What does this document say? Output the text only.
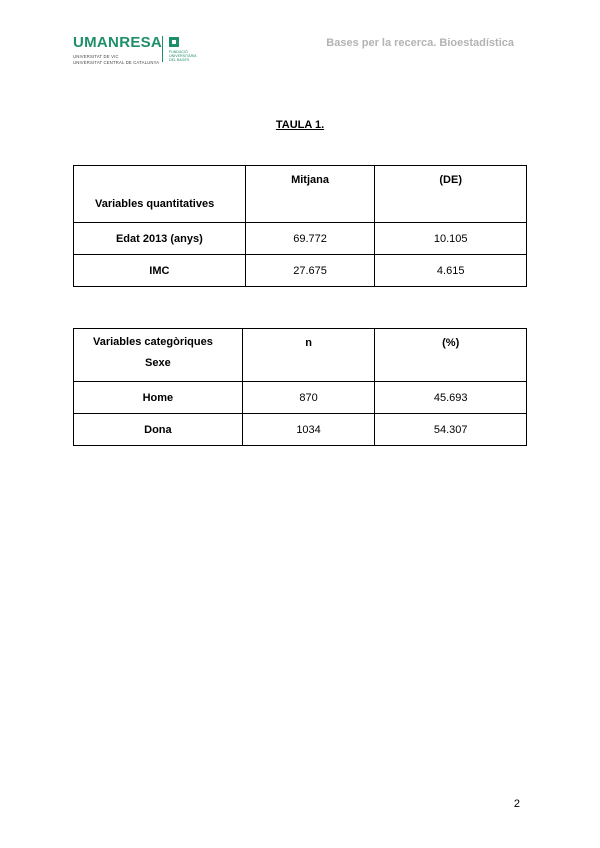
UMANRESA
UNIVERSITAT DE VIC
UNIVERSITAT CENTRAL DE CATALUNYA
FUNDACIÓ
UNIVERSITÀRIA
DEL BAGES
Bases per la recerca. Bioestadística
TAULA 1.
Variables quantitatives	Mitjana	(DE)
Edat 2013 (anys)	69.772	10.105
IMC	27.675	4.615
Variables categòriques
Sexe	n	(%)
Home	870	45.693
Dona	1034	54.307
2
